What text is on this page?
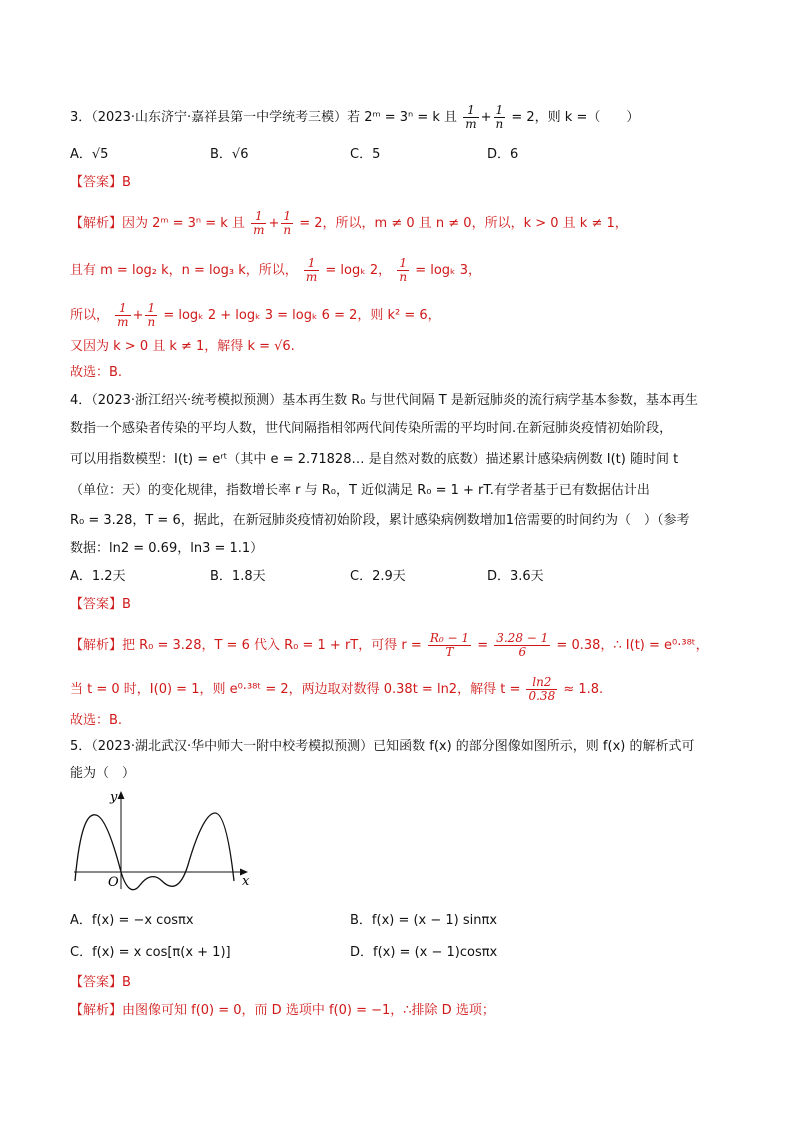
3．（2023·山东济宁·嘉祥县第一中学统考三模）若 2ᵐ = 3ⁿ = k 且 $\frac{1}{m} + \frac{1}{n} = 2$，则 k =（　　）
A．√5	B．√6	C．5	D．6
【答案】B
【解析】因为 2ᵐ = 3ⁿ = k 且 $\frac{1}{m} + \frac{1}{n} = 2$，所以，m ≠ 0 且 n ≠ 0，所以，k > 0 且 k ≠ 1，
且有 m = log₂ k，n = log₃ k，所以， $\frac{1}{m} = \log_k$ 2， $\frac{1}{n} = \log_k$ 3，
所以， $\frac{1}{m} + \frac{1}{n} = \log_k$ 2 + logₖ 3 = logₖ 6 = 2，则 k² = 6，
又因为 k > 0 且 k ≠ 1，解得 k = √6.
故选：B.
4．（2023·浙江绍兴·统考模拟预测）基本再生数 R₀ 与世代间隔 T 是新冠肺炎的流行病学基本参数，基本再生
数指一个感染者传染的平均人数，世代间隔指相邻两代间传染所需的平均时间.在新冠肺炎疫情初始阶段，
可以用指数模型：I(t) = eʳᵗ（其中 e = 2.71828… 是自然对数的底数）描述累计感染病例数 I(t) 随时间 t
（单位：天）的变化规律，指数增长率 r 与 R₀，T 近似满足 R₀ = 1 + rT.有学者基于已有数据估计出
R₀ = 3.28，T = 6，据此，在新冠肺炎疫情初始阶段，累计感染病例数增加1倍需要的时间约为（　）（参考
数据：ln2 = 0.69，ln3 = 1.1）
A．1.2天	B．1.8天	C．2.9天	D．3.6天
【答案】B
【解析】把 R₀ = 3.28，T = 6 代入 R₀ = 1 + rT，可得 $r = \frac{\text{R₀ − 1}}{T} = \frac{3.28 - 1}{6} = 0.38$，∴ I(t) = e⁰·³⁸ᵗ，
当 t = 0 时，I(0) = 1，则 e⁰·³⁸ᵗ = 2，两边取对数得 0.38t = ln2，解得 $t = \frac{\ln 2}{0.38} \approx 1.8$.
故选：B.
5．（2023·湖北武汉·华中师大一附中校考模拟预测）已知函数 f(x) 的部分图像如图所示，则 f(x) 的解析式可
能为（　）
y
x
O
A．f(x) = −x cosπx	B．f(x) = (x − 1) sinπx
C．f(x) = x cos[π(x + 1)]	D．f(x) = (x − 1)cosπx
【答案】B
【解析】由图像可知 f(0) = 0，而 D 选项中 f(0) = −1，∴排除 D 选项；
